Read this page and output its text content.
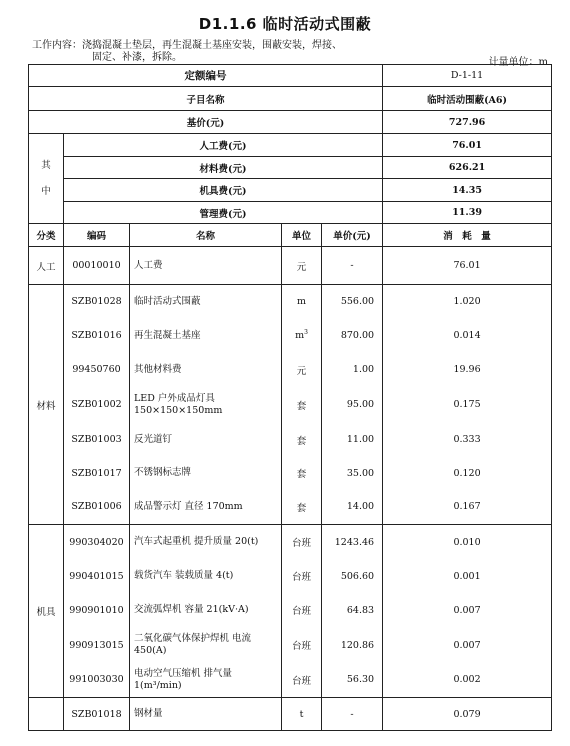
D1.1.6 临时活动式围蔽
工作内容：浇捣混凝土垫层，再生混凝土基座安装，围蔽安装，焊接、
固定、补漆，拆除。	计量单位：m
定额编号					D-1-11
子目名称					临时活动围蔽(A6)
基价(元)					727.96

其
中	人工费(元)				76.01
	材料费(元)				626.21
	机具费(元)				14.35
	管理费(元)				11.39
分类	编码	名称	单位	单价(元)	消　耗　量
人工	00010010	人工费	元	-	76.01
材料	SZB01028	临时活动式围蔽	m	556.00	1.020
	SZB01016	再生混凝土基座	$m^3$	870.00	0.014
	99450760	其他材料费	元	1.00	19.96
	SZB01002	LED 户外成品灯具 150×150×150mm	套	95.00	0.175
	SZB01003	反光道钉	套	11.00	0.333
	SZB01017	不锈钢标志牌	套	35.00	0.120
	SZB01006	成品警示灯 直径 170mm	套	14.00	0.167
机具	990304020	汽车式起重机 提升质量 20(t)	台班	1243.46	0.010
	990401015	载货汽车 装载质量 4(t)	台班	506.60	0.001
	990901010	交流弧焊机 容量 21(kV·A)	台班	64.83	0.007
	990913015	二氧化碳气体保护焊机 电流 450(A)	台班	120.86	0.007
	991003030	电动空气压缩机 排气量 1(m³/min)	台班	56.30	0.002
	SZB01018	钢材量	t	-	0.079
